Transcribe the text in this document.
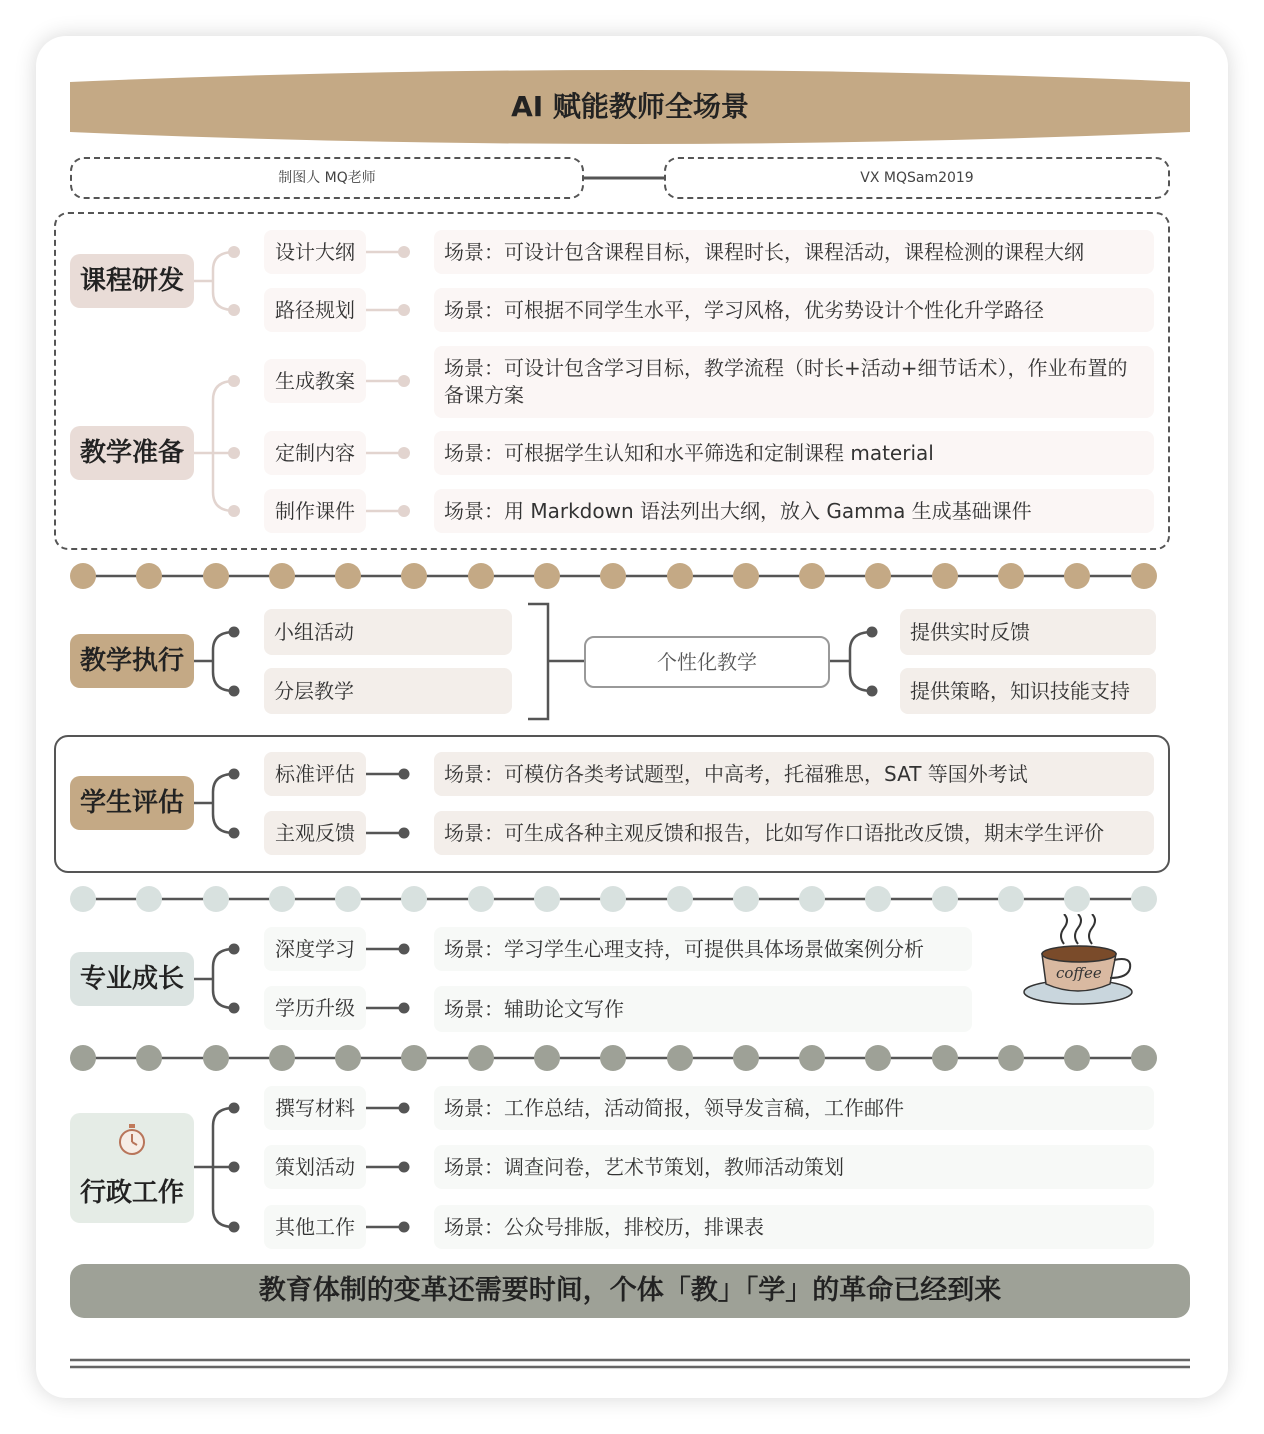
AI 赋能教师全场景
制图人 MQ老师	VX MQSam2019
课程研发
设计大纲
路径规划
场景：可设计包含课程目标，课程时长，课程活动，课程检测的课程大纲
场景：可根据不同学生水平，学习风格，优劣势设计个性化升学路径
教学准备
生成教案
定制内容
制作课件
场景：可设计包含学习目标，教学流程（时长+活动+细节话术），作业布置的备课方案
场景：可根据学生认知和水平筛选和定制课程 material
场景：用 Markdown 语法列出大纲，放入 Gamma 生成基础课件
教学执行
小组活动
分层教学
个性化教学
提供实时反馈
提供策略，知识技能支持
学生评估
标准评估
主观反馈
场景：可模仿各类考试题型，中高考，托福雅思，SAT 等国外考试
场景：可生成各种主观反馈和报告，比如写作口语批改反馈，期末学生评价
专业成长
深度学习
学历升级
场景：学习学生心理支持，可提供具体场景做案例分析
场景：辅助论文写作
coffee
行政工作
撰写材料
策划活动
其他工作
场景：工作总结，活动简报，领导发言稿，工作邮件
场景：调查问卷，艺术节策划，教师活动策划
场景：公众号排版，排校历，排课表
教育体制的变革还需要时间，个体「教」「学」的革命已经到来
